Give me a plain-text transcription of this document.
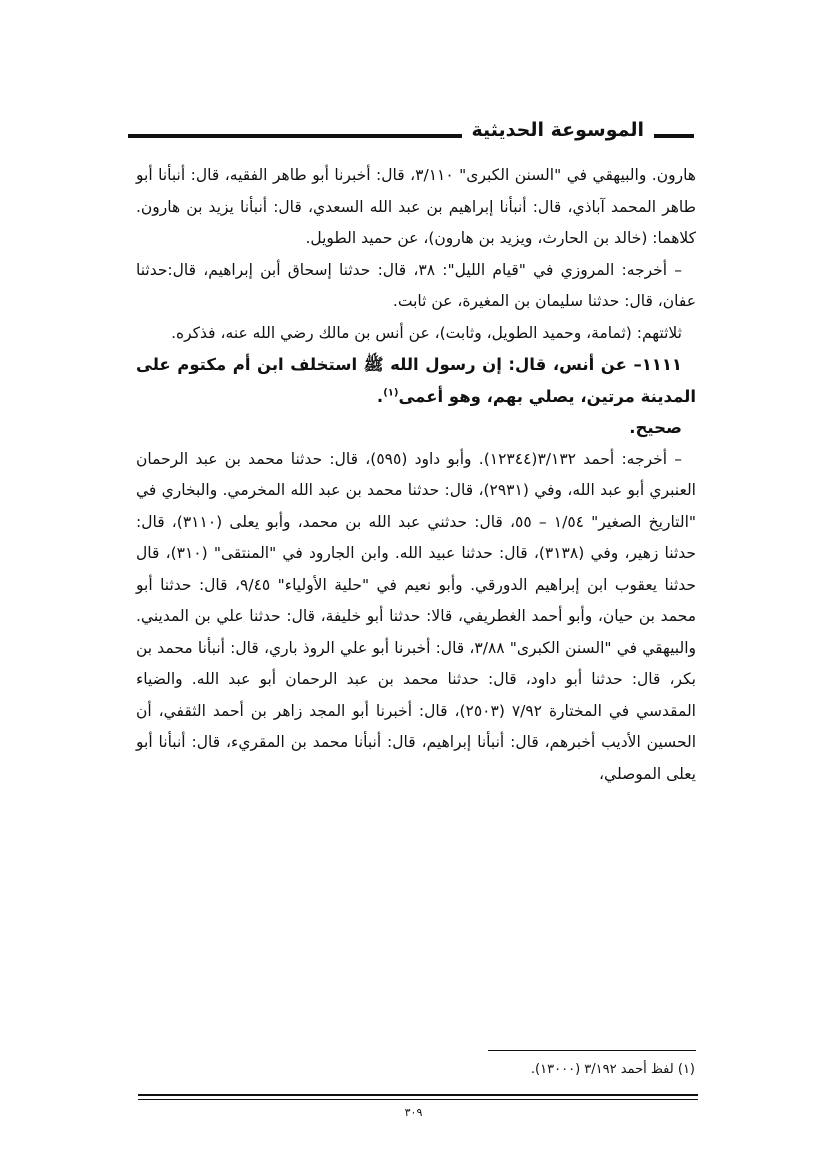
الموسوعة الحديثية

هارون. والبيهقي في "السنن الكبرى" ٣/١١٠، قال: أخبرنا أبو طاهر الفقيه، قال: أنبأنا أبو طاهر المحمد آباذي، قال: أنبأنا إبراهيم بن عبد الله السعدي، قال: أنبأنا يزيد بن هارون. كلاهما: (خالد بن الحارث، ويزيد بن هارون)، عن حميد الطويل.

– أخرجه: المروزي في "قيام الليل": ٣٨، قال: حدثنا إسحاق أبن إبراهيم، قال:حدثنا عفان، قال: حدثنا سليمان بن المغيرة، عن ثابت.

ثلاثتهم: (ثمامة، وحميد الطويل، وثابت)، عن أنس بن مالك رضي الله عنه، فذكره.

١١١١– عن أنس، قال: إن رسول الله ﷺ استخلف ابن أم مكتوم على المدينة مرتين، يصلي بهم، وهو أعمى$^{(١)}$.

صحيح.

– أخرجه: أحمد ٣/١٣٢(١٢٣٤٤). وأبو داود (٥٩٥)، قال: حدثنا محمد بن عبد الرحمان العنبري أبو عبد الله، وفي (٢٩٣١)، قال: حدثنا محمد بن عبد الله المخرمي. والبخاري في "التاريخ الصغير" ١/٥٤ – ٥٥، قال: حدثني عبد الله بن محمد، وأبو يعلى (٣١١٠)، قال: حدثنا زهير، وفي (٣١٣٨)، قال: حدثنا عبيد الله. وابن الجارود في "المنتقى" (٣١٠)، قال حدثنا يعقوب ابن إبراهيم الدورقي. وأبو نعيم في "حلية الأولياء" ٩/٤٥، قال: حدثنا أبو محمد بن حيان، وأبو أحمد الغطريفي، قالا: حدثنا أبو خليفة، قال: حدثنا علي بن المديني. والبيهقي في "السنن الكبرى" ٣/٨٨، قال: أخبرنا أبو علي الروذ باري، قال: أنبأنا محمد بن بكر، قال: حدثنا أبو داود، قال: حدثنا محمد بن عبد الرحمان أبو عبد الله. والضياء المقدسي في المختارة ٧/٩٢ (٢٥٠٣)، قال: أخبرنا أبو المجد زاهر بن أحمد الثقفي، أن الحسين الأديب أخبرهم، قال: أنبأنا إبراهيم، قال: أنبأنا محمد بن المقريء، قال: أنبأنا أبو يعلى الموصلي،

(١) لفظ أحمد ٣/١٩٢ (١٣٠٠٠).
٣٠٩
